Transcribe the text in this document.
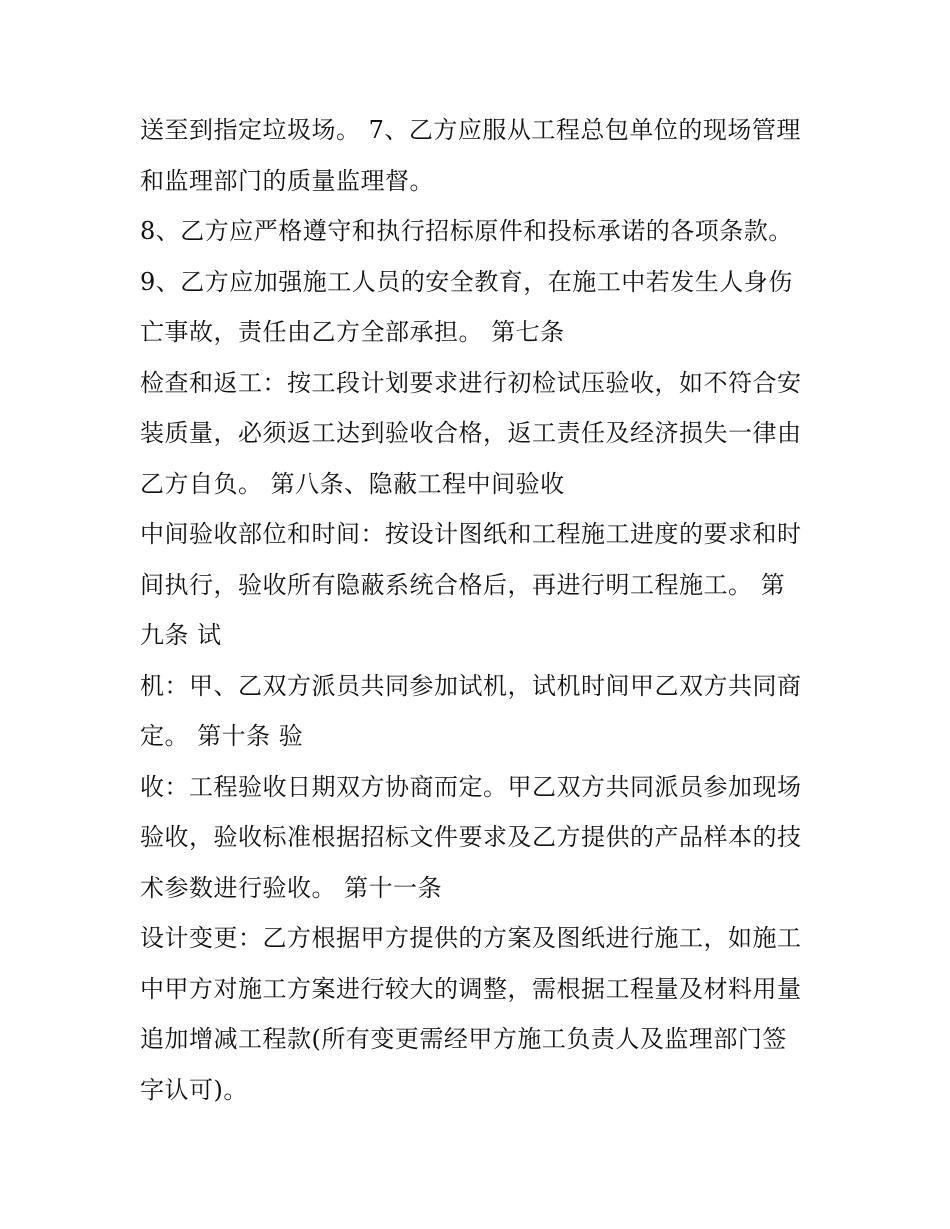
送至到指定垃圾场。 7、乙方应服从工程总包单位的现场管理
和监理部门的质量监理督。
8、乙方应严格遵守和执行招标原件和投标承诺的各项条款。
9、乙方应加强施工人员的安全教育，在施工中若发生人身伤
亡事故，责任由乙方全部承担。 第七条
检查和返工：按工段计划要求进行初检试压验收，如不符合安
装质量，必须返工达到验收合格，返工责任及经济损失一律由
乙方自负。 第八条、隐蔽工程中间验收
中间验收部位和时间：按设计图纸和工程施工进度的要求和时
间执行，验收所有隐蔽系统合格后，再进行明工程施工。 第
九条 试
机：甲、乙双方派员共同参加试机，试机时间甲乙双方共同商
定。 第十条 验
收：工程验收日期双方协商而定。甲乙双方共同派员参加现场
验收，验收标准根据招标文件要求及乙方提供的产品样本的技
术参数进行验收。 第十一条
设计变更：乙方根据甲方提供的方案及图纸进行施工，如施工
中甲方对施工方案进行较大的调整，需根据工程量及材料用量
追加增减工程款(所有变更需经甲方施工负责人及监理部门签
字认可)。
